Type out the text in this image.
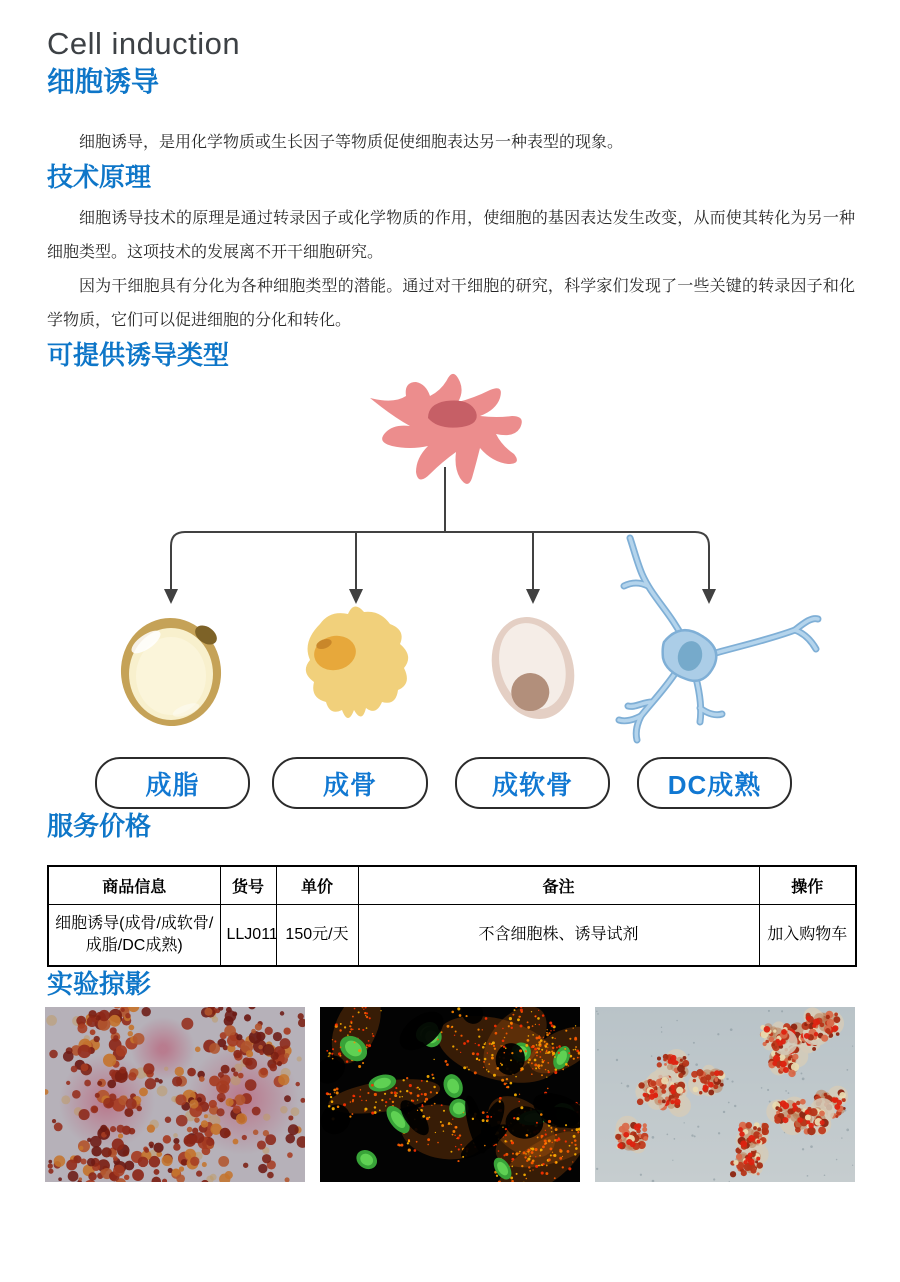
Cell induction
细胞诱导

细胞诱导，是用化学物质或生长因子等物质促使细胞表达另一种表型的现象。

技术原理

细胞诱导技术的原理是通过转录因子或化学物质的作用，使细胞的基因表达发生改变，从而使其转化为另一种细胞类型。这项技术的发展离不开干细胞研究。

因为干细胞具有分化为各种细胞类型的潜能。通过对干细胞的研究，科学家们发现了一些关键的转录因子和化学物质，它们可以促进细胞的分化和转化。

可提供诱导类型
成脂	成骨	成软骨	DC成熟
服务价格
商品信息	货号	单价	备注	操作
细胞诱导(成骨/成软骨/成脂/DC成熟)	LLJ011	150元/天	不含细胞株、诱导试剂	加入购物车
实验掠影
